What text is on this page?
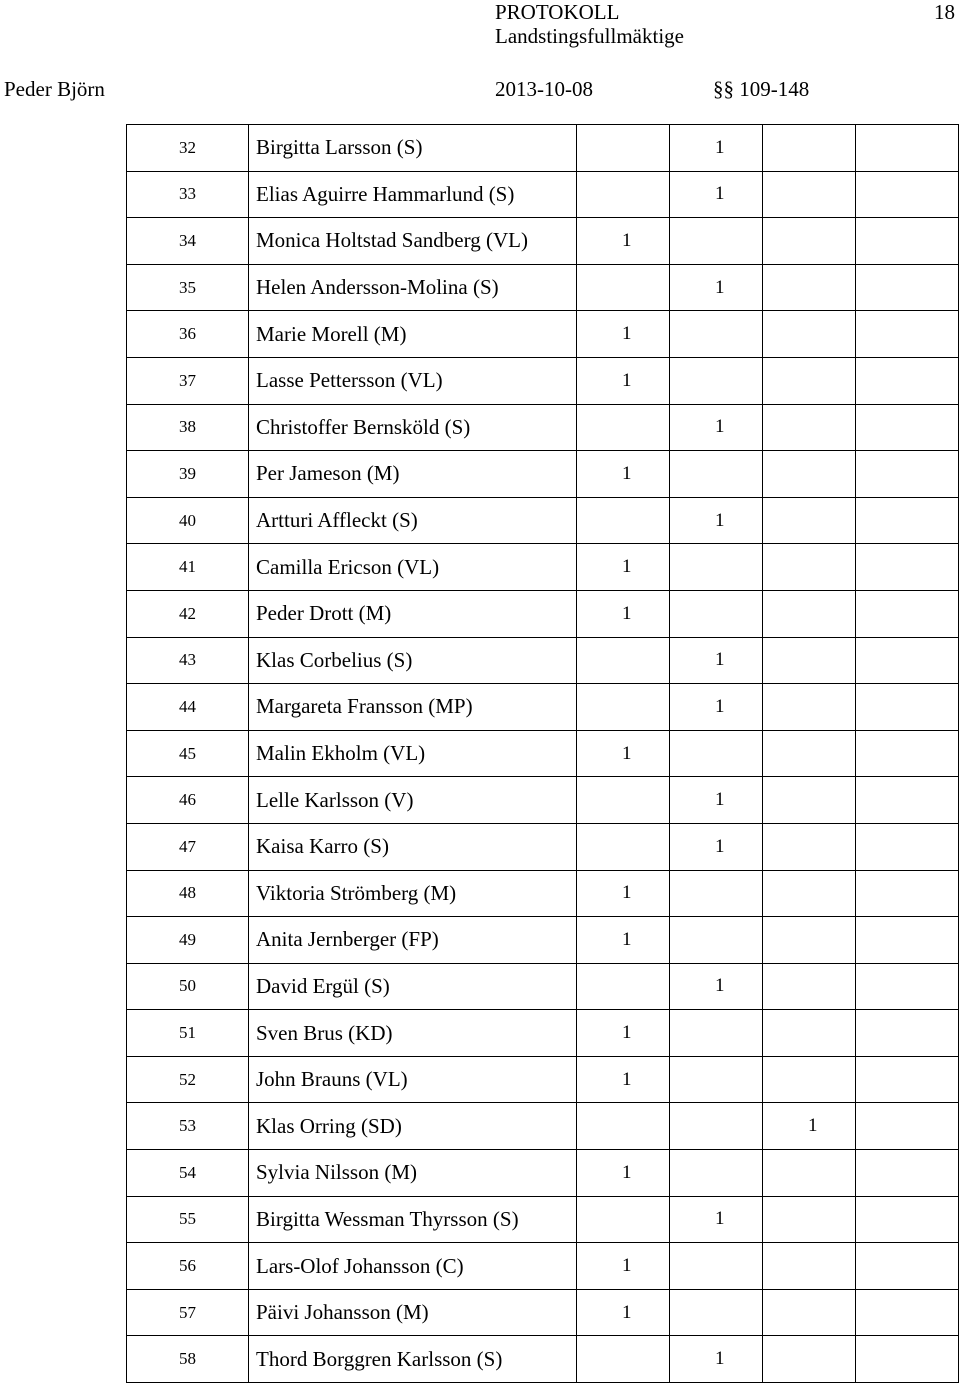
PROTOKOLL
Landstingsfullmäktige
18
Peder Björn	2013-10-08	§§ 109-148
32	Birgitta Larsson (S)		1		
33	Elias Aguirre Hammarlund (S)		1		
34	Monica Holtstad Sandberg (VL)	1			
35	Helen Andersson-Molina (S)		1		
36	Marie Morell (M)	1			
37	Lasse Pettersson (VL)	1			
38	Christoffer Bernsköld (S)		1		
39	Per Jameson (M)	1			
40	Artturi Affleckt (S)		1		
41	Camilla Ericson (VL)	1			
42	Peder Drott (M)	1			
43	Klas Corbelius (S)		1		
44	Margareta Fransson (MP)		1		
45	Malin Ekholm (VL)	1			
46	Lelle Karlsson (V)		1		
47	Kaisa Karro (S)		1		
48	Viktoria Strömberg (M)	1			
49	Anita Jernberger (FP)	1			
50	David Ergül (S)		1		
51	Sven Brus (KD)	1			
52	John Brauns (VL)	1			
53	Klas Orring (SD)			1	
54	Sylvia Nilsson (M)	1			
55	Birgitta Wessman Thyrsson (S)		1		
56	Lars-Olof Johansson (C)	1			
57	Päivi Johansson (M)	1			
58	Thord Borggren Karlsson (S)		1		
